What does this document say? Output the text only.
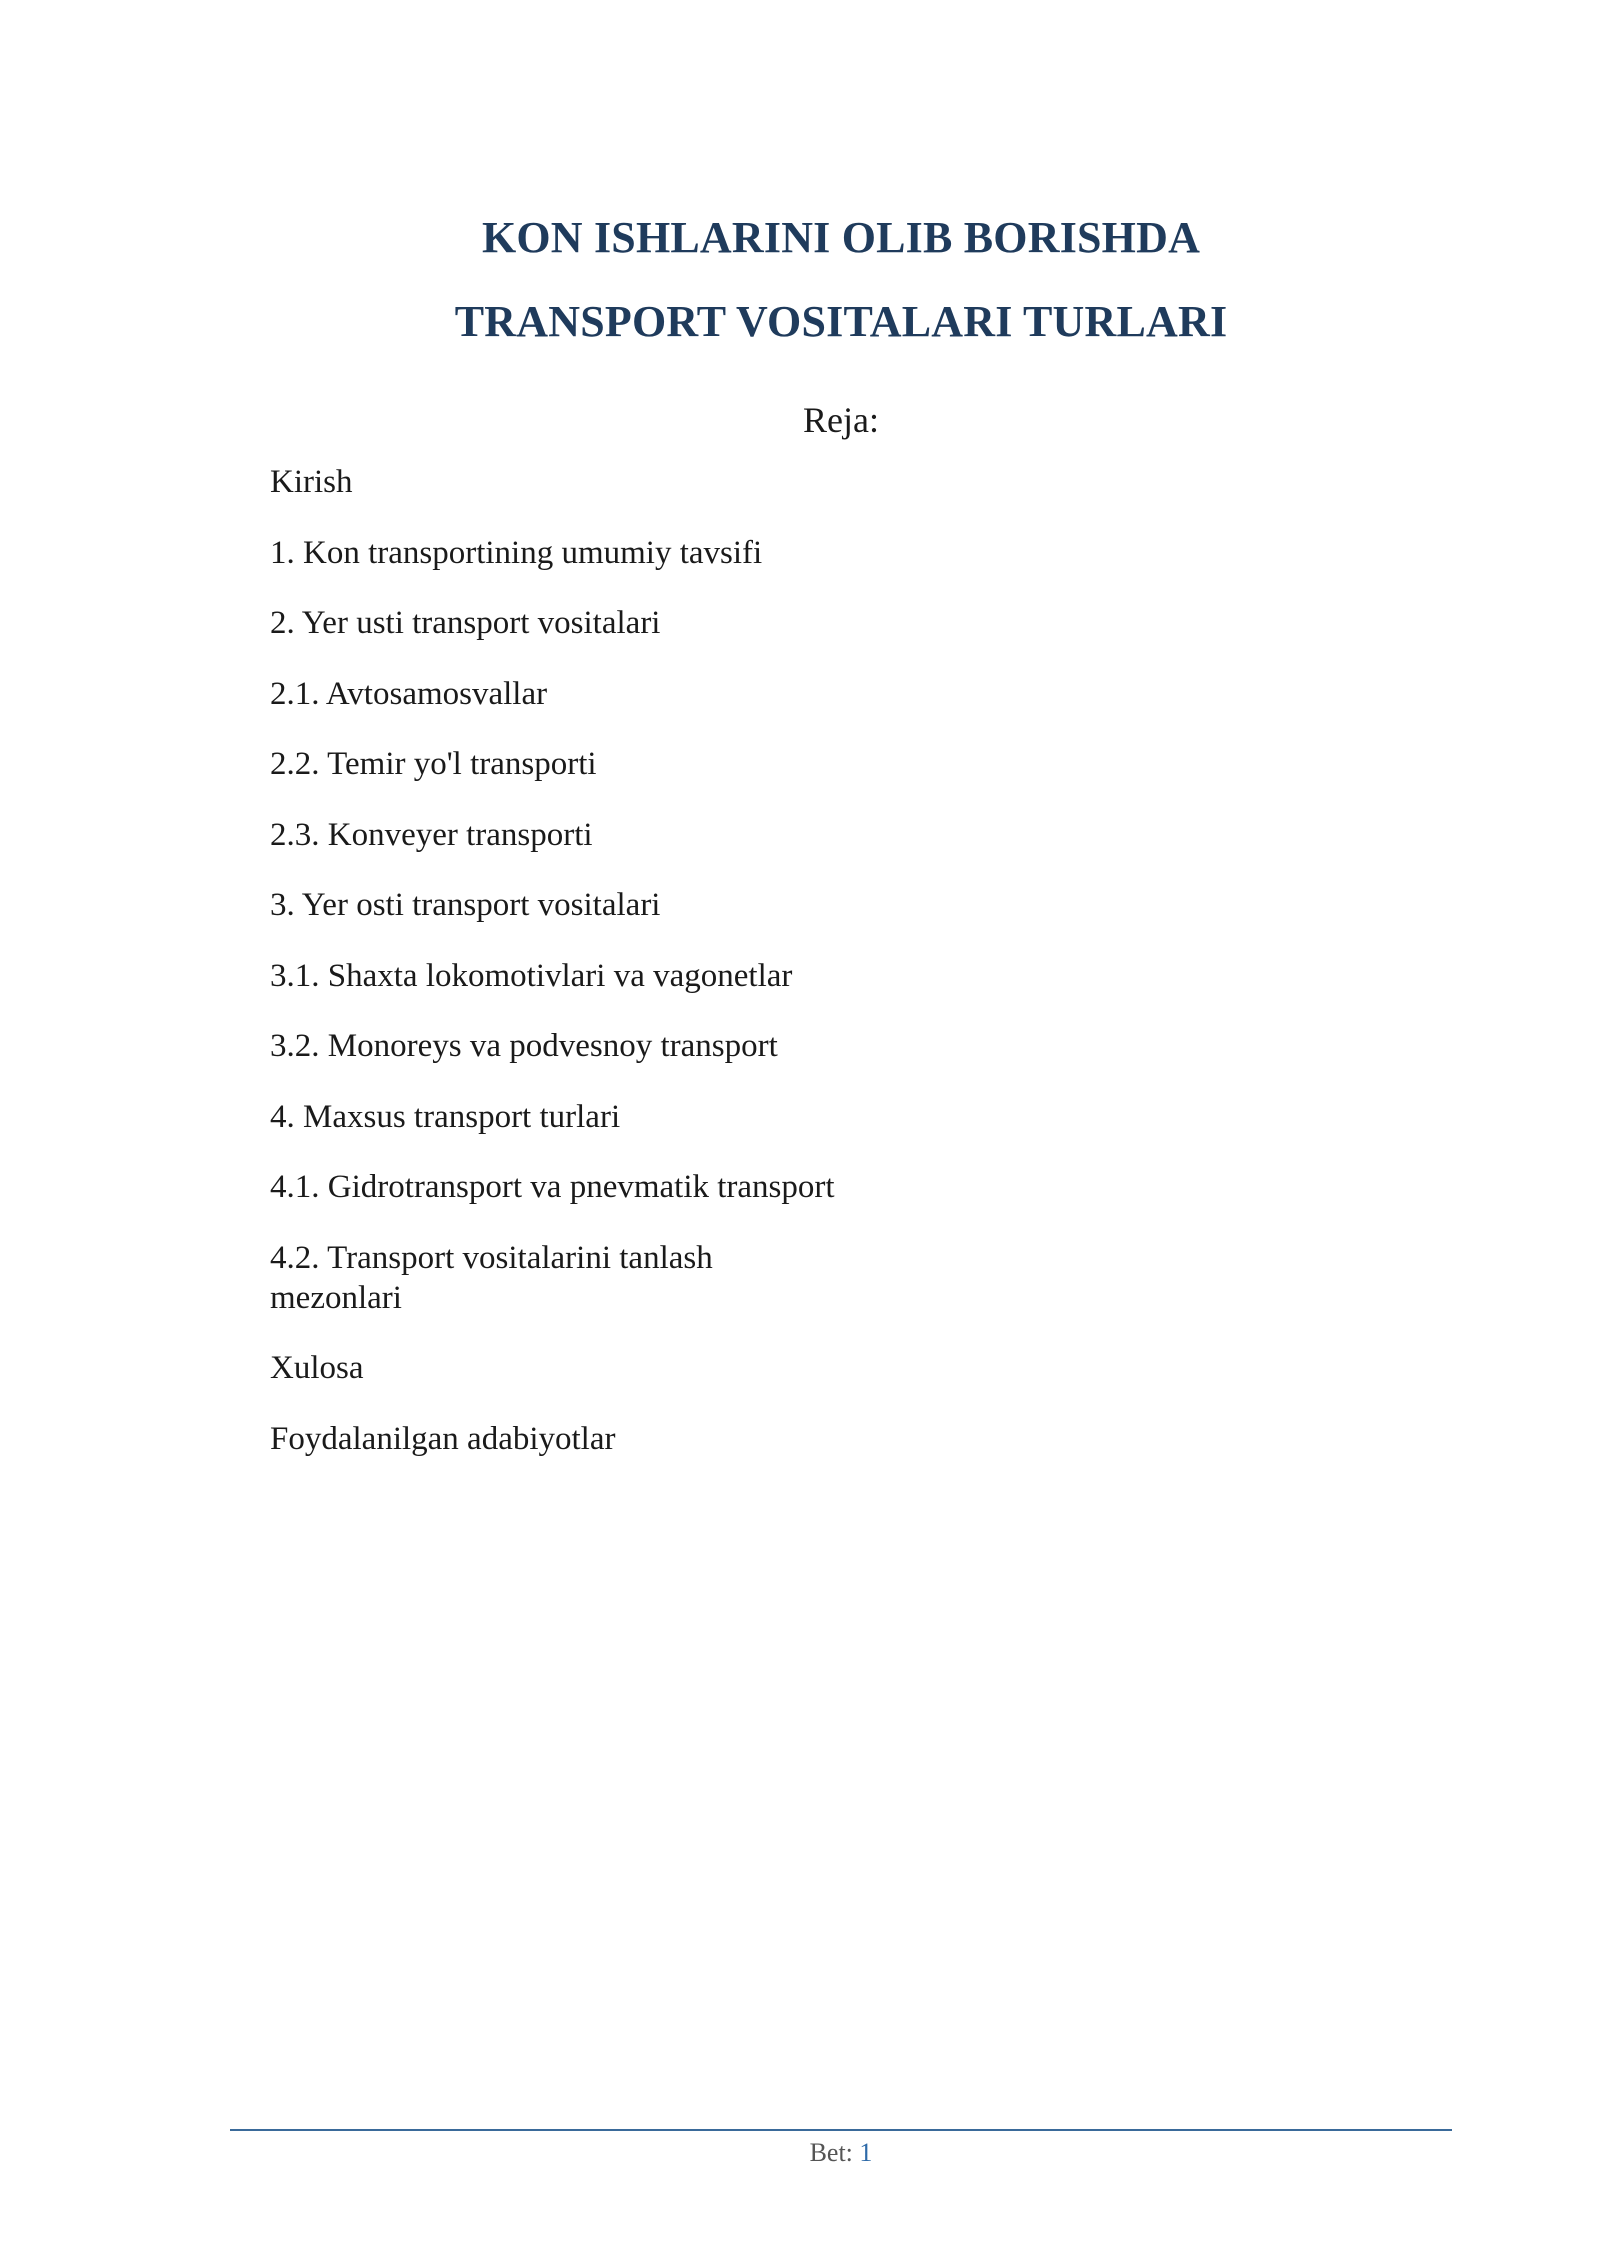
KON ISHLARINI OLIB BORISHDA
TRANSPORT VOSITALARI TURLARI
Reja:
Kirish
1. Kon transportining umumiy tavsifi
2. Yer usti transport vositalari
2.1. Avtosamosvallar
2.2. Temir yo'l transporti
2.3. Konveyer transporti
3. Yer osti transport vositalari
3.1. Shaxta lokomotivlari va vagonetlar
3.2. Monoreys va podvesnoy transport
4. Maxsus transport turlari
4.1. Gidrotransport va pnevmatik transport
4.2. Transport vositalarini tanlash mezonlari
Xulosa
Foydalanilgan adabiyotlar
Bet: 1
